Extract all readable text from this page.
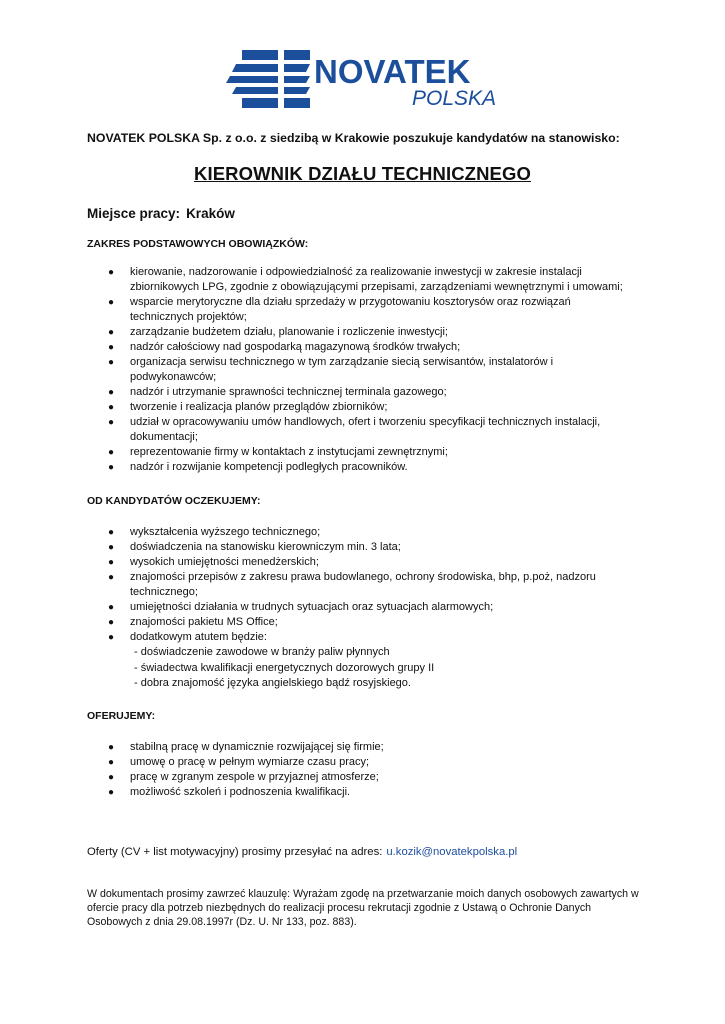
NOVATEK
POLSKA
NOVATEK POLSKA Sp. z o.o. z siedzibą w Krakowie poszukuje kandydatów na stanowisko:
KIEROWNIK DZIAŁU TECHNICZNEGO
Miejsce pracy: Kraków
ZAKRES PODSTAWOWYCH OBOWIĄZKÓW:
● kierowanie, nadzorowanie i odpowiedzialność za realizowanie inwestycji w zakresie instalacji
zbiornikowych LPG, zgodnie z obowiązującymi przepisami, zarządzeniami wewnętrznymi i umowami;
● wsparcie merytoryczne dla działu sprzedaży w przygotowaniu kosztorysów oraz rozwiązań
technicznych projektów;
● zarządzanie budżetem działu, planowanie i rozliczenie inwestycji;
● nadzór całościowy nad gospodarką magazynową środków trwałych;
● organizacja serwisu technicznego w tym zarządzanie siecią serwisantów, instalatorów i
podwykonawców;
● nadzór i utrzymanie sprawności technicznej terminala gazowego;
● tworzenie i realizacja planów przeglądów zbiorników;
● udział w opracowywaniu umów handlowych, ofert i tworzeniu specyfikacji technicznych instalacji,
dokumentacji;
● reprezentowanie firmy w kontaktach z instytucjami zewnętrznymi;
● nadzór i rozwijanie kompetencji podległych pracowników.
OD KANDYDATÓW OCZEKUJEMY:
● wykształcenia wyższego technicznego;
● doświadczenia na stanowisku kierowniczym min. 3 lata;
● wysokich umiejętności menedżerskich;
● znajomości przepisów z zakresu prawa budowlanego, ochrony środowiska, bhp, p.poż, nadzoru
technicznego;
● umiejętności działania w trudnych sytuacjach oraz sytuacjach alarmowych;
● znajomości pakietu MS Office;
● dodatkowym atutem będzie:
- doświadczenie zawodowe w branży paliw płynnych
- świadectwa kwalifikacji energetycznych dozorowych grupy II
- dobra znajomość języka angielskiego bądź rosyjskiego.
OFERUJEMY:
● stabilną pracę w dynamicznie rozwijającej się firmie;
● umowę o pracę w pełnym wymiarze czasu pracy;
● pracę w zgranym zespole w przyjaznej atmosferze;
● możliwość szkoleń i podnoszenia kwalifikacji.
Oferty (CV + list motywacyjny) prosimy przesyłać na adres: u.kozik@novatekpolska.pl
W dokumentach prosimy zawrzeć klauzulę: Wyrażam zgodę na przetwarzanie moich danych osobowych zawartych w ofercie pracy dla potrzeb niezbędnych do realizacji procesu rekrutacji zgodnie z Ustawą o Ochronie Danych Osobowych z dnia 29.08.1997r (Dz. U. Nr 133, poz. 883).
